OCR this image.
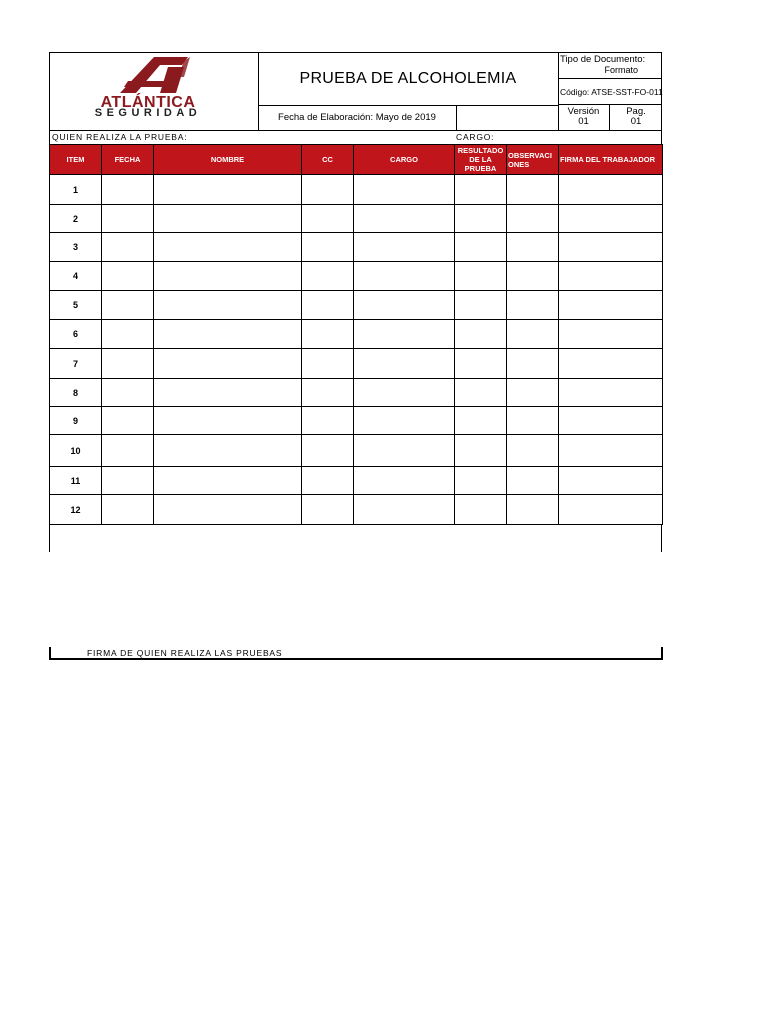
ATLÁNTICA
SEGURIDAD
PRUEBA DE ALCOHOLEMIA
Fecha de Elaboración: Mayo de 2019
Tipo de Documento:
Formato
Código: ATSE-SST-FO-011
Versión
01
Pag.
01
QUIEN REALIZA LA PRUEBA:	CARGO:
ITEM	FECHA	NOMBRE	CC	CARGO	RESULTADO DE LA PRUEBA	OBSERVACI ONES	FIRMA DEL TRABAJADOR
1							
2							
3							
4							
5							
6							
7							
8							
9							
10							
11							
12							
FIRMA DE QUIEN REALIZA LAS PRUEBAS
